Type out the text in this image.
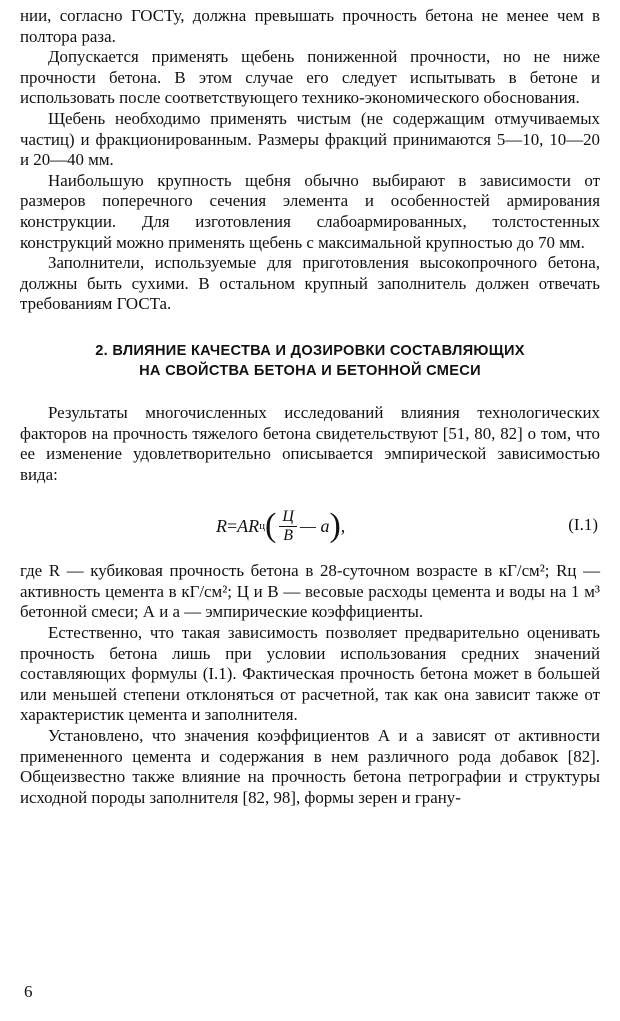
нии, согласно ГОСТу, должна превышать прочность бетона не менее чем в полтора раза.

Допускается применять щебень пониженной прочности, но не ниже прочности бетона. В этом случае его следует испытывать в бетоне и использовать после соответствующего технико-экономического обоснования.

Щебень необходимо применять чистым (не содержащим отмучиваемых частиц) и фракционированным. Размеры фракций принимаются 5—10, 10—20 и 20—40 мм.

Наибольшую крупность щебня обычно выбирают в зависимости от размеров поперечного сечения элемента и особенностей армирования конструкции. Для изготовления слабоармированных, толстостенных конструкций можно применять щебень с максимальной крупностью до 70 мм.

Заполнители, используемые для приготовления высокопрочного бетона, должны быть сухими. В остальном крупный заполнитель должен отвечать требованиям ГОСТа.

2. ВЛИЯНИЕ КАЧЕСТВА И ДОЗИРОВКИ СОСТАВЛЯЮЩИХ
НА СВОЙСТВА БЕТОНА И БЕТОННОЙ СМЕСИ

Результаты многочисленных исследований влияния технологических факторов на прочность тяжелого бетона свидетельствуют [51, 80, 82] о том, что ее изменение удовлетворительно описывается эмпирической зависимостью вида:

R = A R ц ( $\frac{Ц}{В}$ — a ) ,	(I.1)

где R — кубиковая прочность бетона в 28-суточном возрасте в кГ/см²; Rц — активность цемента в кГ/см²; Ц и В — весовые расходы цемента и воды на 1 м³ бетонной смеси; А и а — эмпирические коэффициенты.

Естественно, что такая зависимость позволяет предварительно оценивать прочность бетона лишь при условии использования средних значений составляющих формулы (I.1). Фактическая прочность бетона может в большей или меньшей степени отклоняться от расчетной, так как она зависит также от характеристик цемента и заполнителя.

Установлено, что значения коэффициентов А и а зависят от активности примененного цемента и содержания в нем различного рода добавок [82]. Общеизвестно также влияние на прочность бетона петрографии и структуры исходной породы заполнителя [82, 98], формы зерен и грану-

6
